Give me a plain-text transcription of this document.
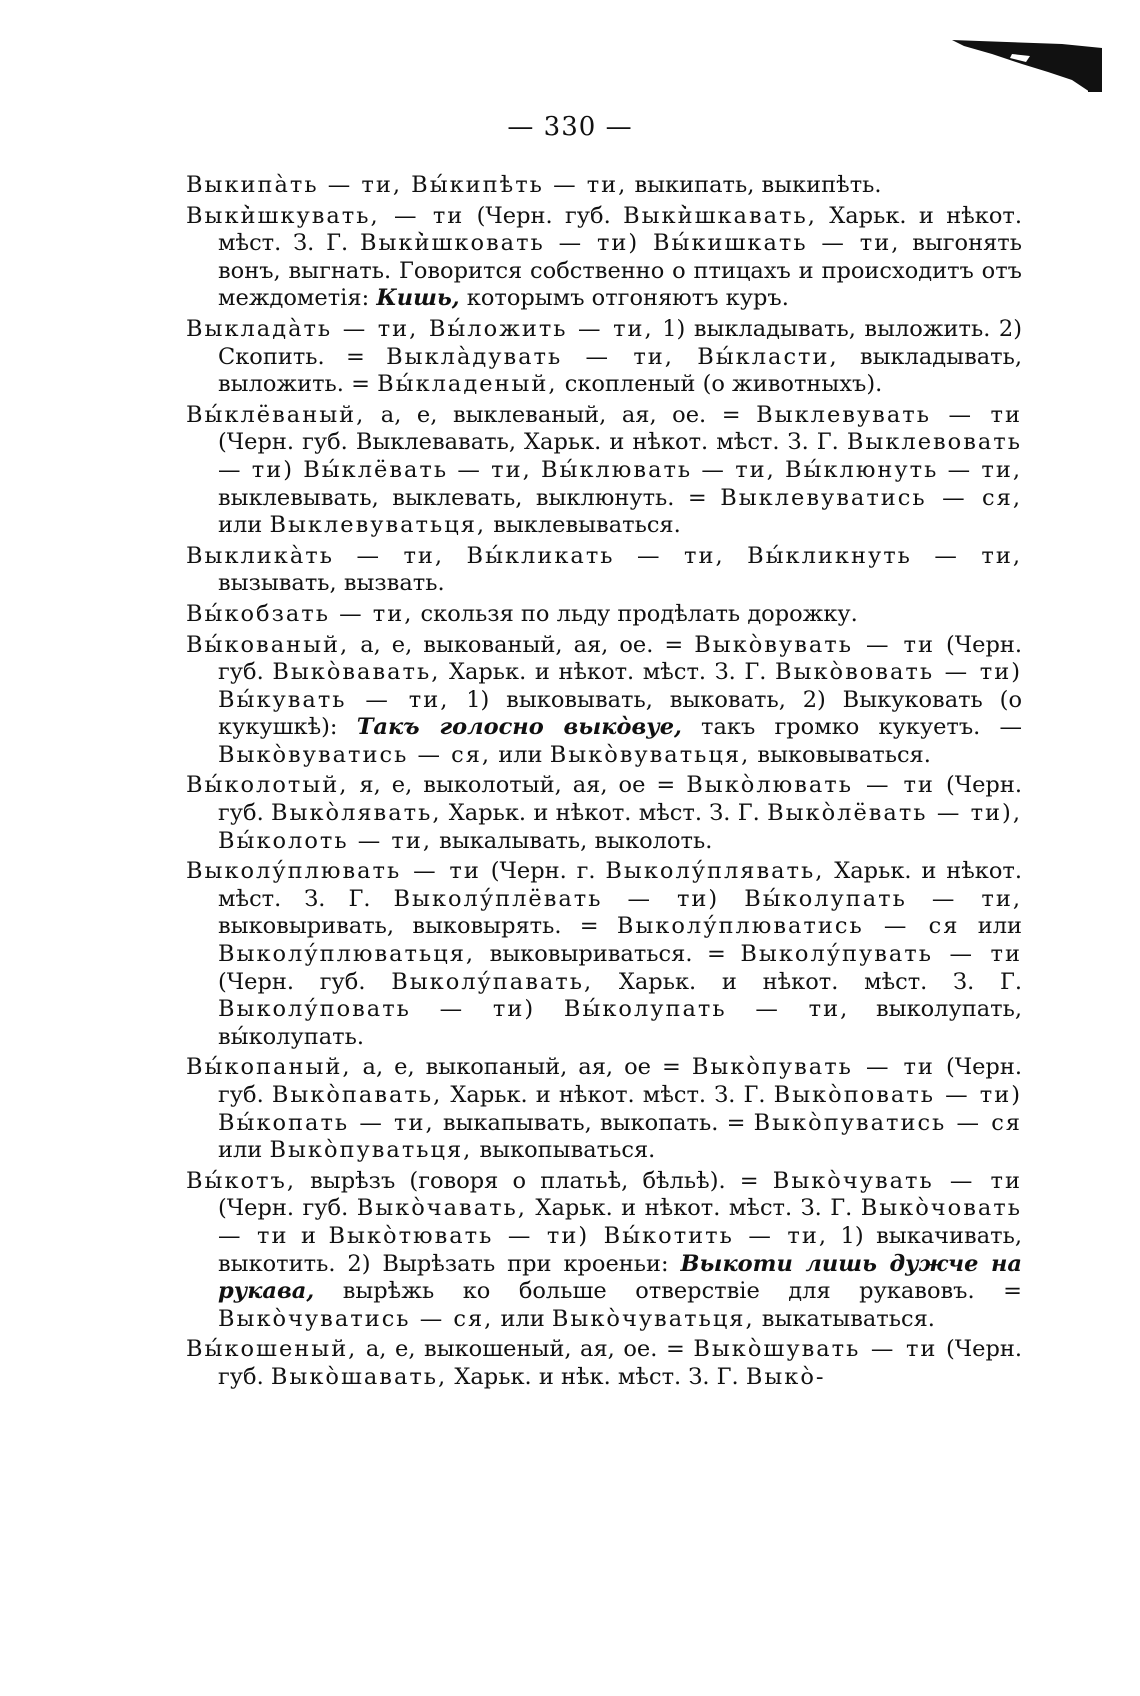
— 330 —

Выкипа̀ть — ти, Вы́кипѣть — ти, выкипать, выкипѣть.

Выки̇̀шкувать, — ти (Черн. губ. Выки̇̀шкавать, Харьк. и нѣкот. мѣст. З. Г. Выки̇̀шковать — ти) Вы́кишкать — ти, выгонять вонъ, выгнать. Говорится собственно о птицахъ и происходитъ отъ междометія: Кишь, которымъ отгоняютъ куръ.

Выклада̀ть — ти, Вы́ложить — ти, 1) выкладывать, выложить. 2) Скопить. = Выкла̀дувать — ти, Вы́класти, выкладывать, выложить. = Вы́кладеный, скопленый (о животныхъ).

Вы́клёваный, а, е, выклеваный, ая, ое. = Выклевувать — ти (Черн. губ. Выклевавать, Харьк. и нѣкот. мѣст. З. Г. Выклевовать — ти) Вы́клёвать — ти, Вы́клювать — ти, Вы́клюнуть — ти, выклевывать, выклевать, выклюнуть. = Выклевуватись — ся, или Выклевуватьця, выклевываться.

Выклика̀ть — ти, Вы́кликать — ти, Вы́кликнуть — ти, вызывать, вызвать.

Вы́кобзать — ти, скользя по льду продѣлать дорожку.

Вы́кованый, а, е, выкованый, ая, ое. = Выко̀вувать — ти (Черн. губ. Выко̀вавать, Харьк. и нѣкот. мѣст. З. Г. Выко̀вовать — ти) Вы́кувать — ти, 1) выковывать, выковать, 2) Выкуковать (о кукушкѣ): Такъ голосно выко̀вуе, такъ громко кукуетъ. — Выко̀вуватись — ся, или Выко̀вуватьця, выковываться.

Вы́колотый, я, е, выколотый, ая, ое = Выко̀лювать — ти (Черн. губ. Выко̀лявать, Харьк. и нѣкот. мѣст. З. Г. Выко̀лёвать — ти), Вы́колоть — ти, выкалывать, выколоть.

Выколу́плювать — ти (Черн. г. Выколу́плявать, Харьк. и нѣкот. мѣст. З. Г. Выколу́плёвать — ти) Вы́колупать — ти, выковыривать, выковырять. = Выколу́плюватись — ся или Выколу́плюватьця, выковыриваться. = Выколу́пувать — ти (Черн. губ. Выколу́павать, Харьк. и нѣкот. мѣст. З. Г. Выколу́повать — ти) Вы́колупать — ти, выколупать, вы́колупать.

Вы́копаный, а, е, выкопаный, ая, ое = Выко̀пувать — ти (Черн. губ. Выко̀павать, Харьк. и нѣкот. мѣст. З. Г. Выко̀повать — ти) Вы́копать — ти, выкапывать, выкопать. = Выко̀пуватись — ся или Выко̀пуватьця, выкопываться.

Вы́котъ, вырѣзъ (говоря о платьѣ, бѣльѣ). = Выко̀чувать — ти (Черн. губ. Выко̀чавать, Харьк. и нѣкот. мѣст. З. Г. Выко̀човать — ти и Выко̀тювать — ти) Вы́котить — ти, 1) выкачивать, выкотить. 2) Вырѣзать при кроеньи: Выкоти лишь дужче на рукава, вырѣжь ко больше отверствіе для рукавовъ. = Выко̀чуватись — ся, или Выко̀чуватьця, выкатываться.

Вы́кошеный, а, е, выкошеный, ая, ое. = Выко̀шувать — ти (Черн. губ. Выко̀шавать, Харьк. и нѣк. мѣст. З. Г. Выко̀-
